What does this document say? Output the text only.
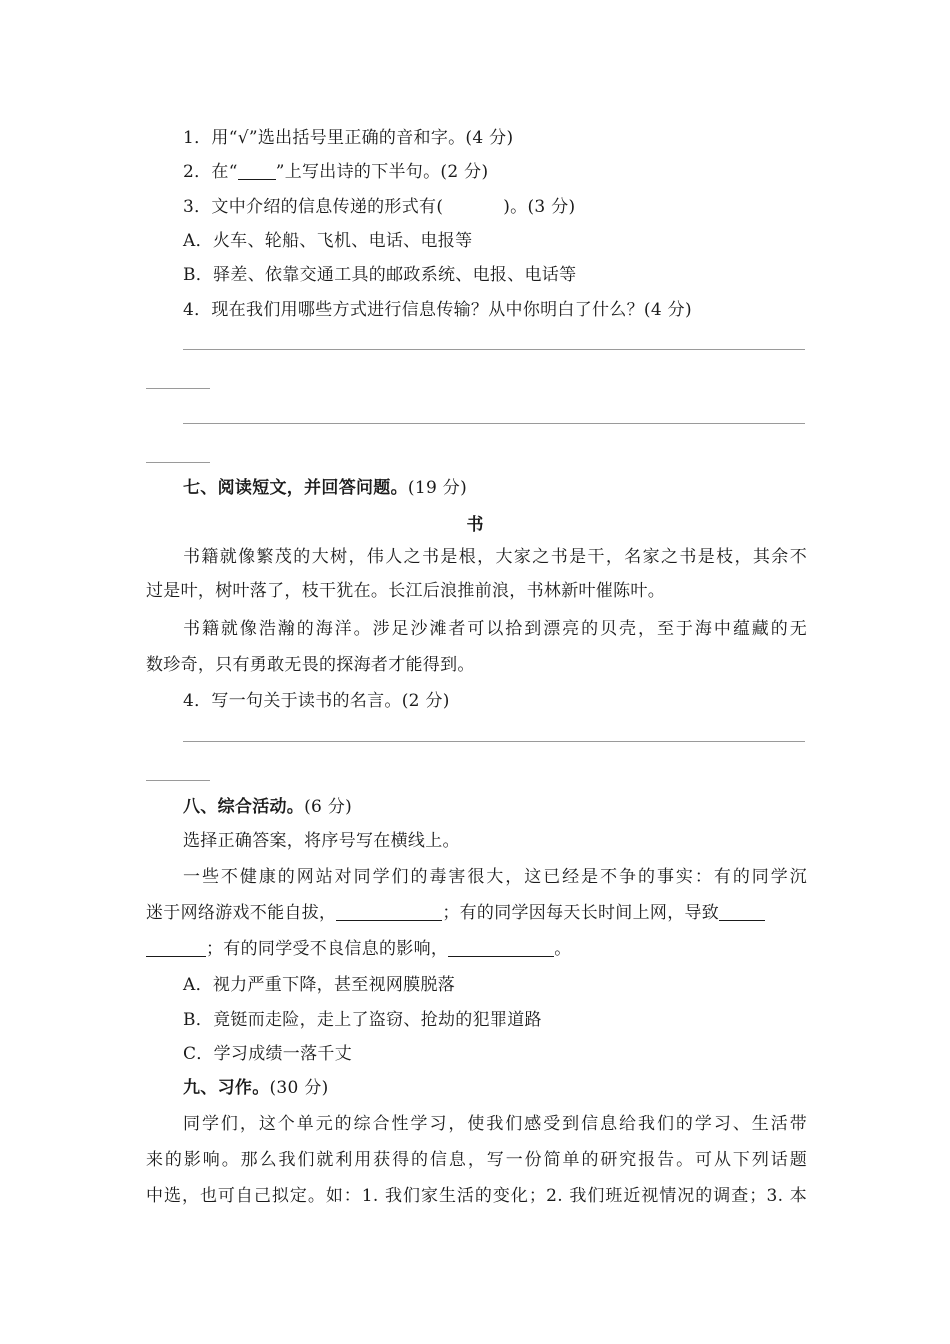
1．用“√”选出括号里正确的音和字。(4 分)
2．在“ ”上写出诗的下半句。(2 分)
3．文中介绍的信息传递的形式有(	)。(3 分)
A．火车、轮船、飞机、电话、电报等
B．驿差、依靠交通工具的邮政系统、电报、电话等
4．现在我们用哪些方式进行信息传输？从中你明白了什么？(4 分)
七、阅读短文，并回答问题。(19 分)
书
书籍就像繁茂的大树，伟人之书是根，大家之书是干，名家之书是枝，其余不
过是叶，树叶落了，枝干犹在。长江后浪推前浪，书林新叶催陈叶。
书籍就像浩瀚的海洋。涉足沙滩者可以拾到漂亮的贝壳，至于海中蕴藏的无
数珍奇，只有勇敢无畏的探海者才能得到。
4．写一句关于读书的名言。(2 分)
八、综合活动。(6 分)
选择正确答案，将序号写在横线上。
一些不健康的网站对同学们的毒害很大，这已经是不争的事实：有的同学沉
迷于网络游戏不能自拔，	；有的同学因每天长时间上网，导致
；有的同学受不良信息的影响，	。
A．视力严重下降，甚至视网膜脱落
B．竟铤而走险，走上了盗窃、抢劫的犯罪道路
C．学习成绩一落千丈
九、习作。(30 分)
同学们，这个单元的综合性学习，使我们感受到信息给我们的学习、生活带
来的影响。那么我们就利用获得的信息，写一份简单的研究报告。可从下列话题
中选，也可自己拟定。如：1. 我们家生活的变化；2. 我们班近视情况的调查；3. 本
